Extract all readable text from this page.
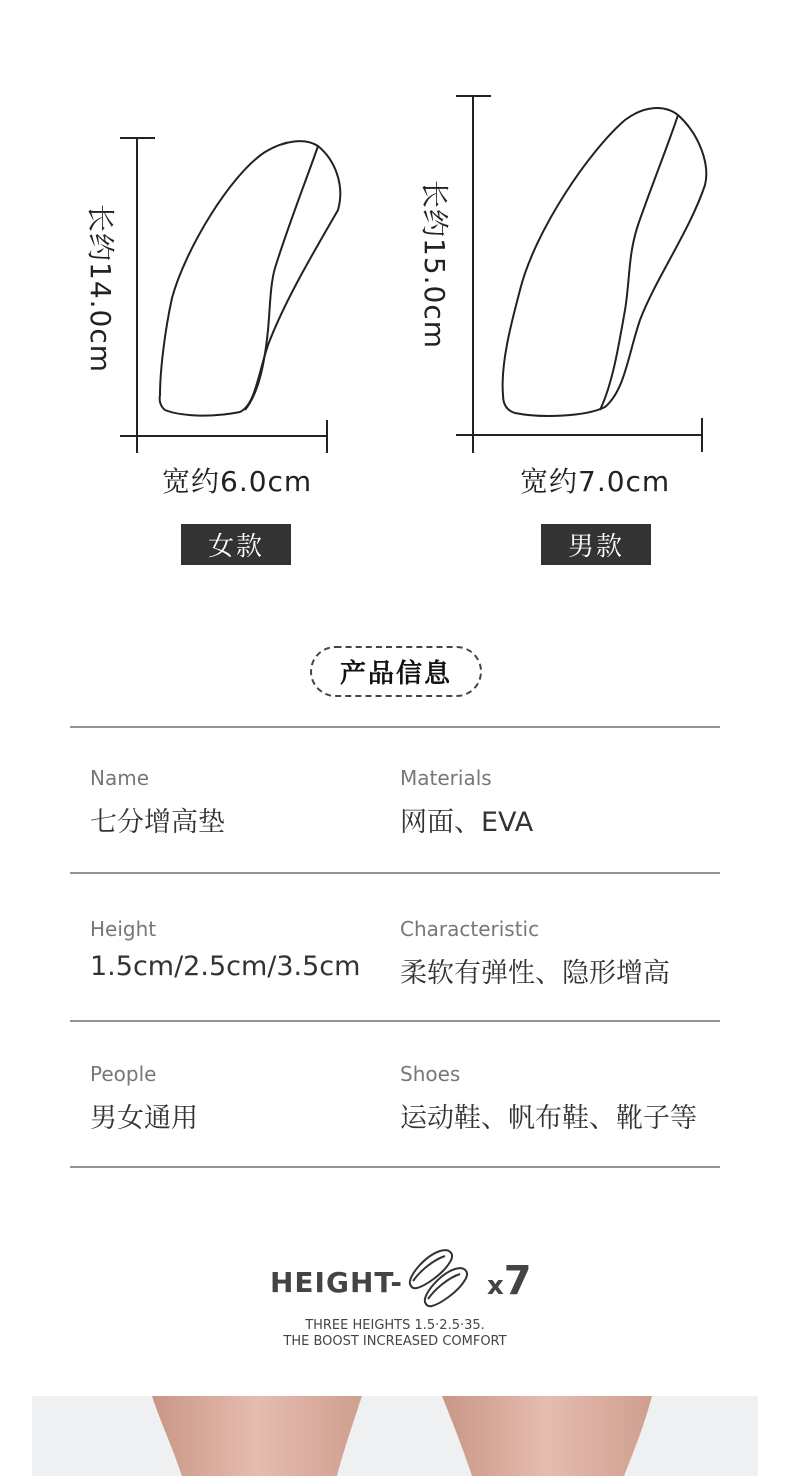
长约14.0cm	长约15.0cm
宽约6.0cm	宽约7.0cm
女款	男款
产品信息
Name
七分增高垫
Materials
网面、EVA
Height
1.5cm/2.5cm/3.5cm
Characteristic
柔软有弹性、隐形增高
People
男女通用
Shoes
运动鞋、帆布鞋、靴子等
HEIGHT-	x7
THREE HEIGHTS 1.5·2.5·35.
THE BOOST INCREASED COMFORT
